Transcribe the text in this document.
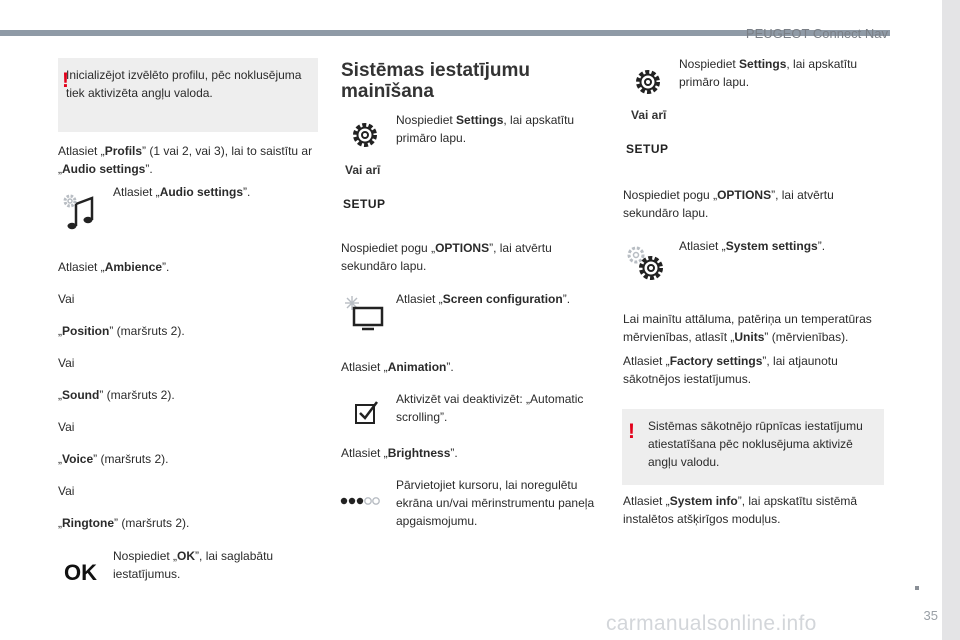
PEUGEOT Connect Nav
35
carmanualsonline.info
!
Inicializējot izvēlēto profilu, pēc noklusējuma tiek aktivizēta angļu valoda.
Atlasiet „Profils” (1 vai 2, vai 3), lai to saistītu ar „Audio settings”.
Atlasiet „Audio settings”.
Atlasiet „Ambience”.
Vai
„Position” (maršruts 2).
Vai
„Sound” (maršruts 2).
Vai
„Voice” (maršruts 2).
Vai
„Ringtone” (maršruts 2).
OK
Nospiediet „OK”, lai saglabātu iestatījumus.
Sistēmas iestatījumu
mainīšana
Nospiediet Settings, lai apskatītu primāro lapu.
Vai arī
SETUP
Nospiediet pogu „OPTIONS”, lai atvērtu sekundāro lapu.
Atlasiet „Screen configuration”.
Atlasiet „Animation”.
Aktivizēt vai deaktivizēt: „Automatic scrolling”.
Atlasiet „Brightness”.
Pārvietojiet kursoru, lai noregulētu ekrāna un/vai mērinstrumentu paneļa apgaismojumu.
Nospiediet Settings, lai apskatītu primāro lapu.
Vai arī
SETUP
Nospiediet pogu „OPTIONS”, lai atvērtu sekundāro lapu.
Atlasiet „System settings”.
Lai mainītu attāluma, patēriņa un temperatūras mērvienības, atlasīt „Units” (mērvienības).
Atlasiet „Factory settings”, lai atjaunotu sākotnējos iestatījumus.
! Sistēmas sākotnējo rūpnīcas iestatījumu atiestatīšana pēc noklusējuma aktivizē angļu valodu.
Atlasiet „System info”, lai apskatītu sistēmā instalētos atšķirīgos moduļus.
